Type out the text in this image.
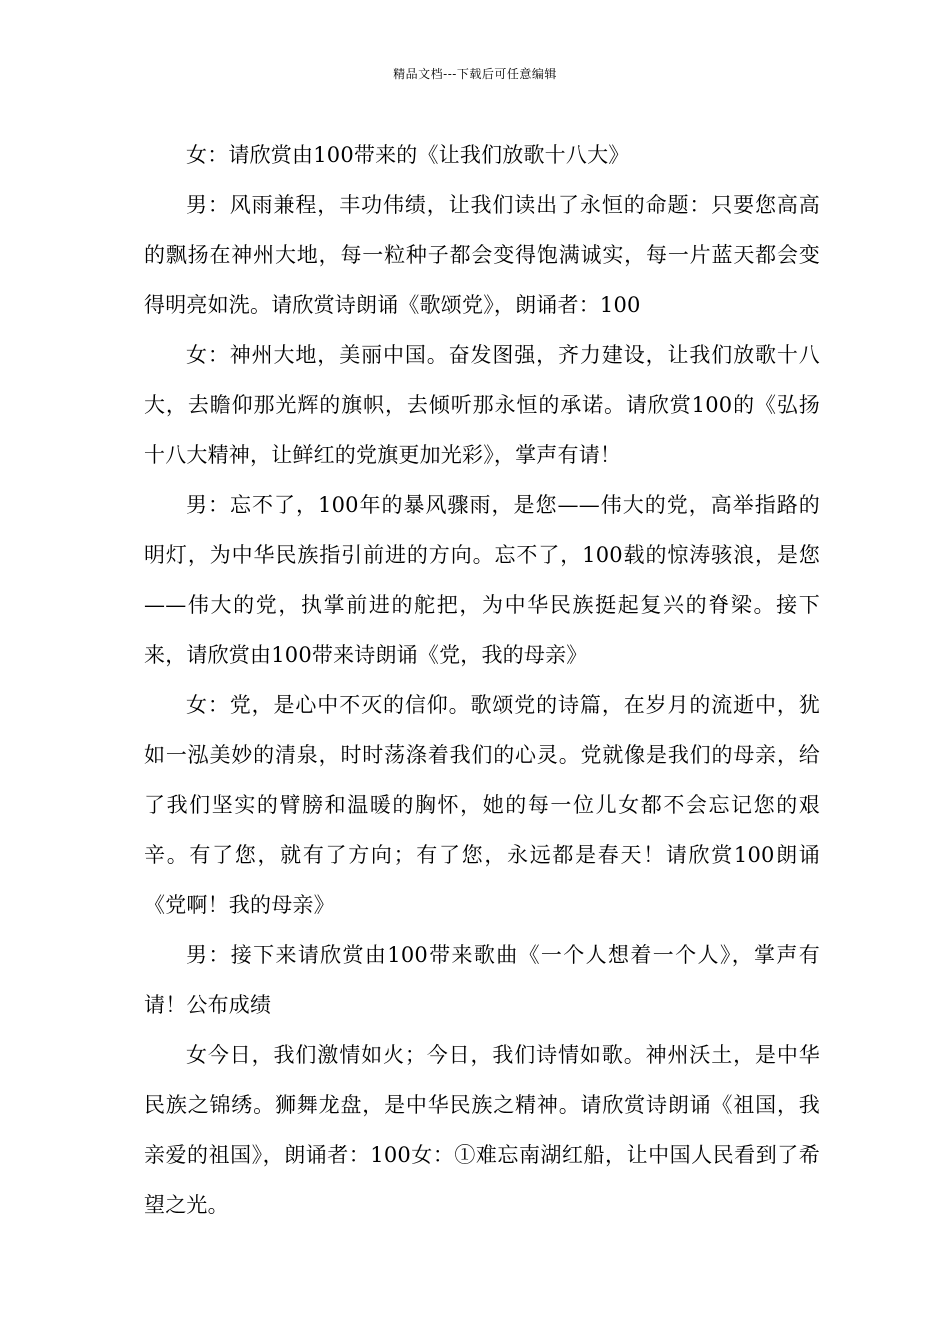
精品文档---下载后可任意编辑

女：请欣赏由100带来的《让我们放歌十八大》

男：风雨兼程，丰功伟绩，让我们读出了永恒的命题：只要您高高的飘扬在神州大地，每一粒种子都会变得饱满诚实，每一片蓝天都会变得明亮如洗。请欣赏诗朗诵《歌颂党》，朗诵者：100

女：神州大地，美丽中国。奋发图强，齐力建设，让我们放歌十八大，去瞻仰那光辉的旗帜，去倾听那永恒的承诺。请欣赏100的《弘扬十八大精神，让鲜红的党旗更加光彩》，掌声有请！

男：忘不了，100年的暴风骤雨，是您——伟大的党，高举指路的明灯，为中华民族指引前进的方向。忘不了，100载的惊涛骇浪，是您——伟大的党，执掌前进的舵把，为中华民族挺起复兴的脊梁。接下来，请欣赏由100带来诗朗诵《党，我的母亲》

女：党，是心中不灭的信仰。歌颂党的诗篇，在岁月的流逝中，犹如一泓美妙的清泉，时时荡涤着我们的心灵。党就像是我们的母亲，给了我们坚实的臂膀和温暖的胸怀，她的每一位儿女都不会忘记您的艰辛。有了您，就有了方向；有了您，永远都是春天！请欣赏100朗诵《党啊！我的母亲》

男：接下来请欣赏由100带来歌曲《一个人想着一个人》，掌声有请！公布成绩

女今日，我们激情如火；今日，我们诗情如歌。神州沃土，是中华民族之锦绣。狮舞龙盘，是中华民族之精神。请欣赏诗朗诵《祖国，我亲爱的祖国》，朗诵者：100女：①难忘南湖红船，让中国人民看到了希望之光。
